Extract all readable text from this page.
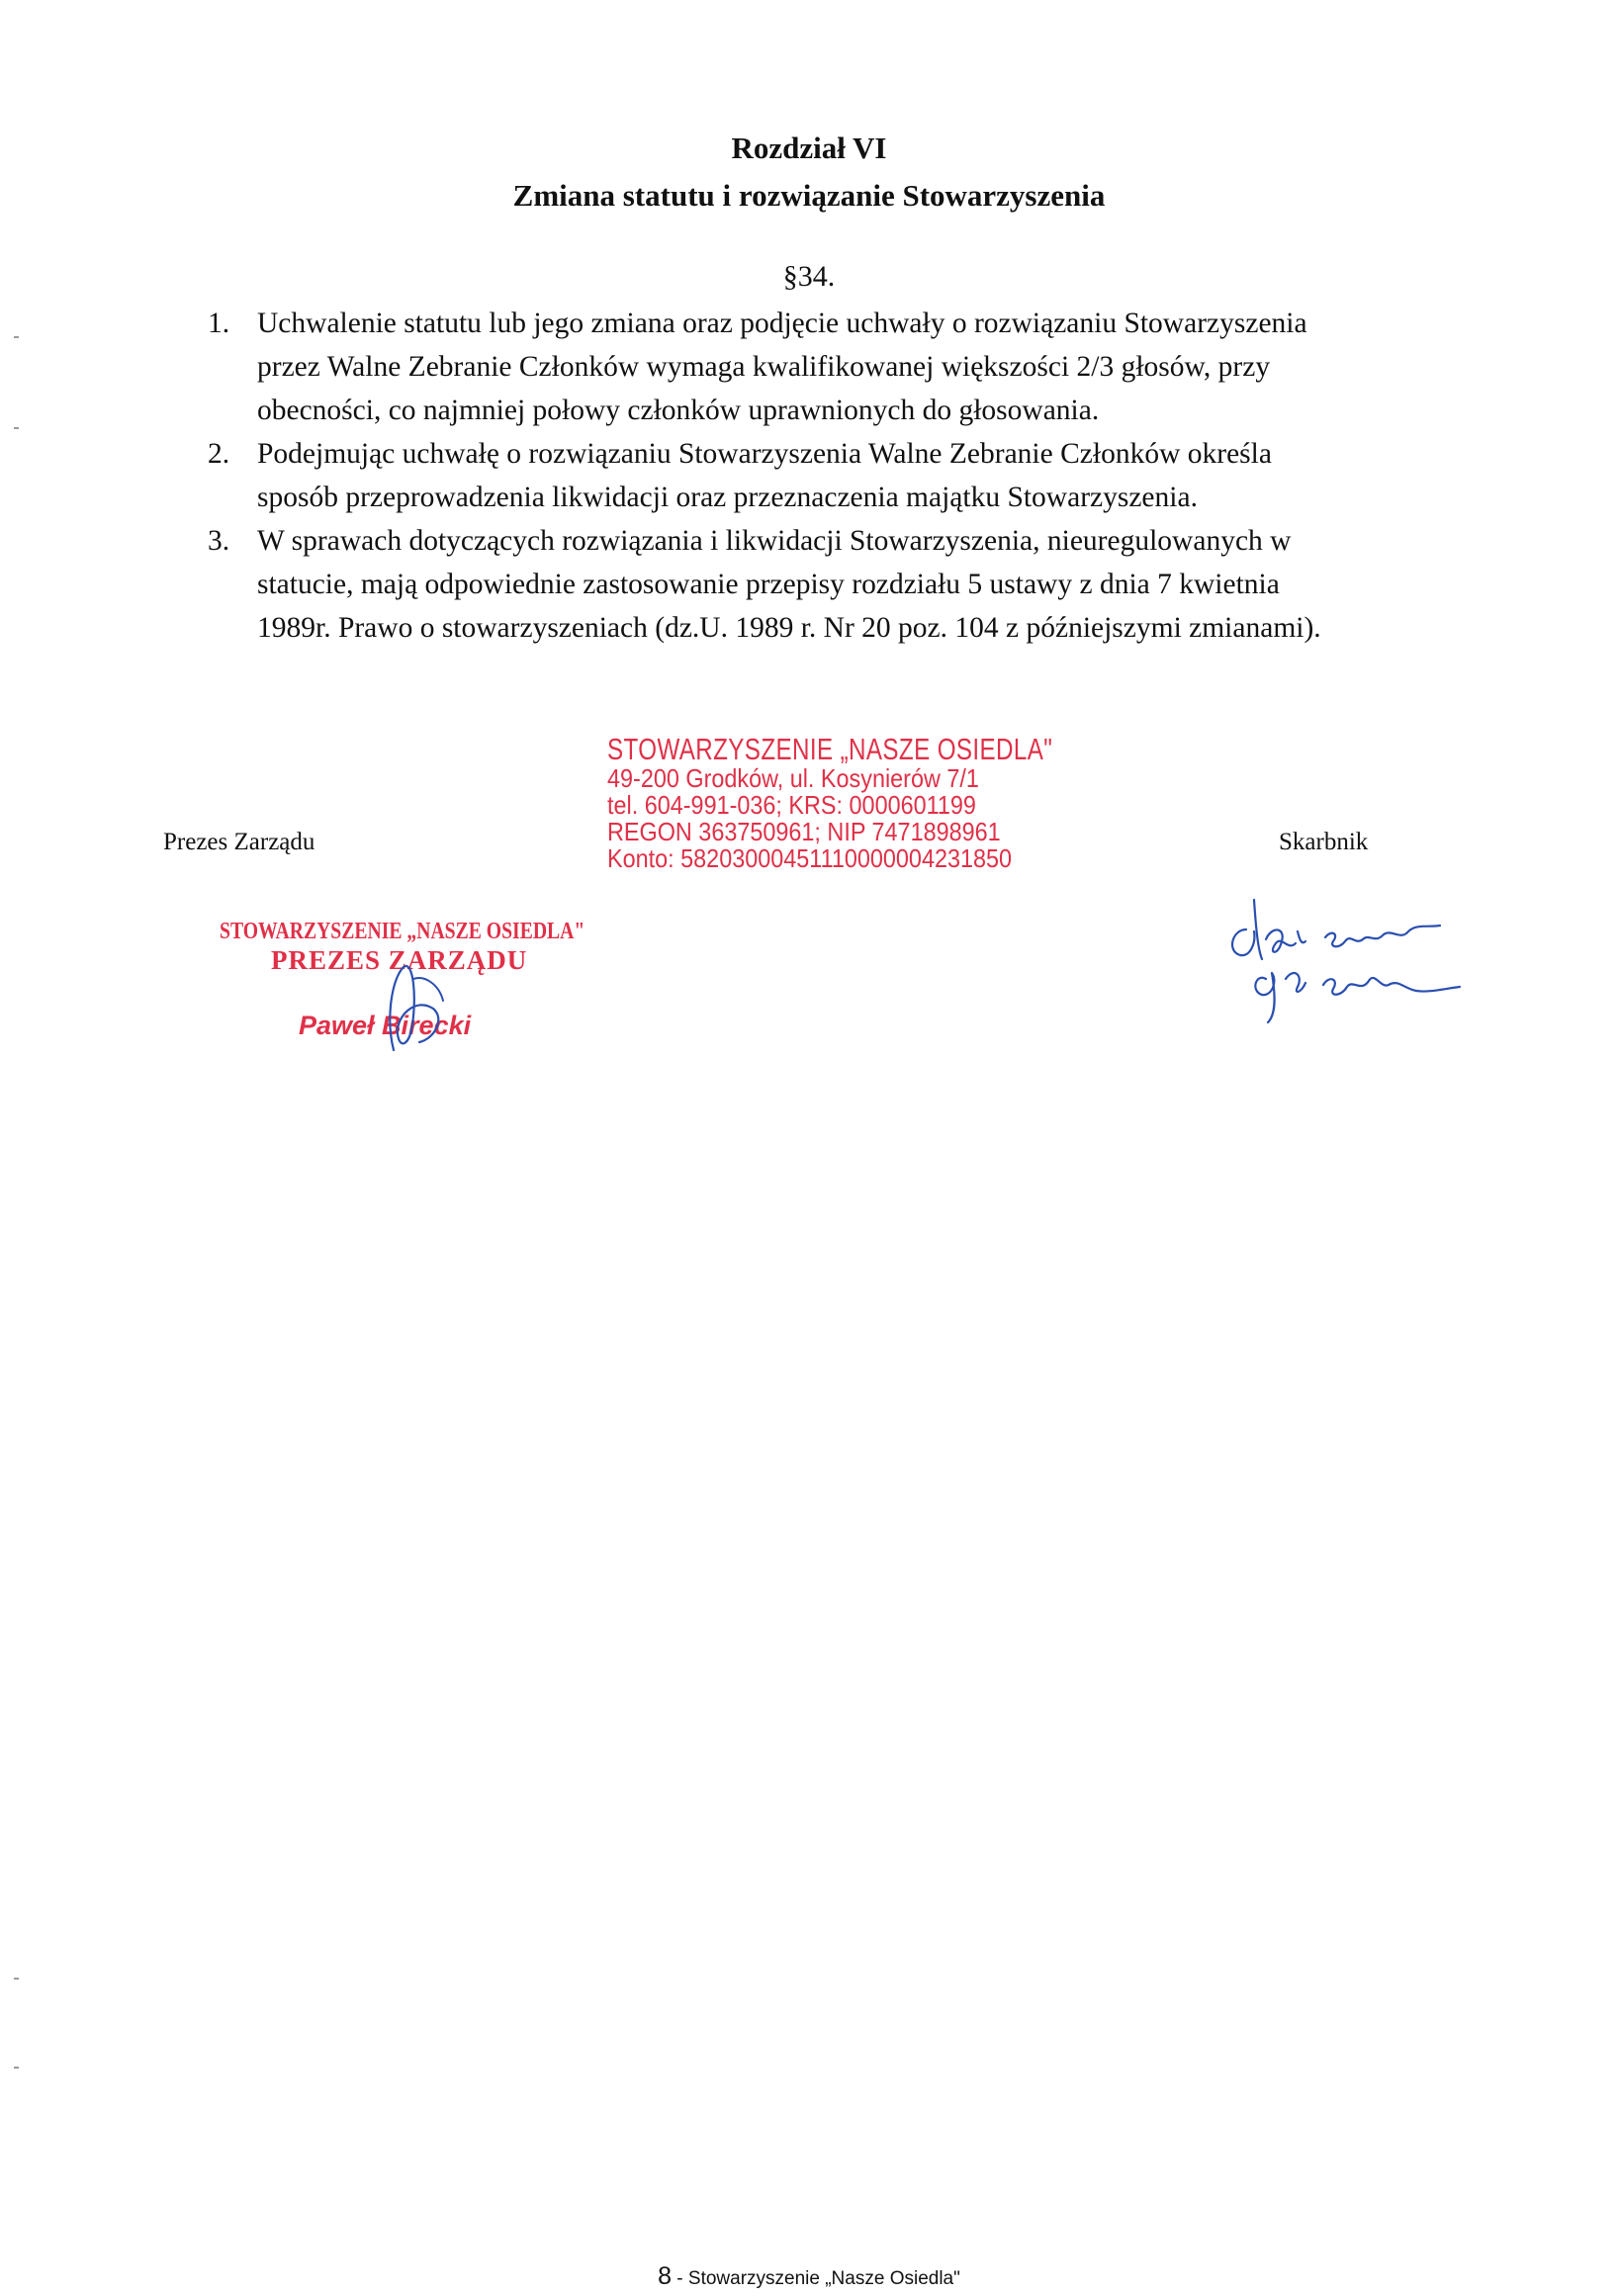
Rozdział VI
Zmiana statutu i rozwiązanie Stowarzyszenia
§34.
1. Uchwalenie statutu lub jego zmiana oraz podjęcie uchwały o rozwiązaniu Stowarzyszenia
przez Walne Zebranie Członków wymaga kwalifikowanej większości 2/3 głosów, przy
obecności, co najmniej połowy członków uprawnionych do głosowania.
2. Podejmując uchwałę o rozwiązaniu Stowarzyszenia Walne Zebranie Członków określa
sposób przeprowadzenia likwidacji oraz przeznaczenia majątku Stowarzyszenia.
3. W sprawach dotyczących rozwiązania i likwidacji Stowarzyszenia, nieuregulowanych w
statucie, mają odpowiednie zastosowanie przepisy rozdziału 5 ustawy z dnia 7 kwietnia
1989r. Prawo o stowarzyszeniach (dz.U. 1989 r. Nr 20 poz. 104 z późniejszymi zmianami).
Prezes Zarządu	Skarbnik
STOWARZYSZENIE „NASZE OSIEDLA"
49-200 Grodków, ul. Kosynierów 7/1
tel. 604-991-036; KRS: 0000601199
REGON 363750961; NIP 7471898961
Konto: 58203000451110000004231850
STOWARZYSZENIE „NASZE OSIEDLA"
PREZES ZARZĄDU
Paweł Birecki
8 - Stowarzyszenie „Nasze Osiedla"
